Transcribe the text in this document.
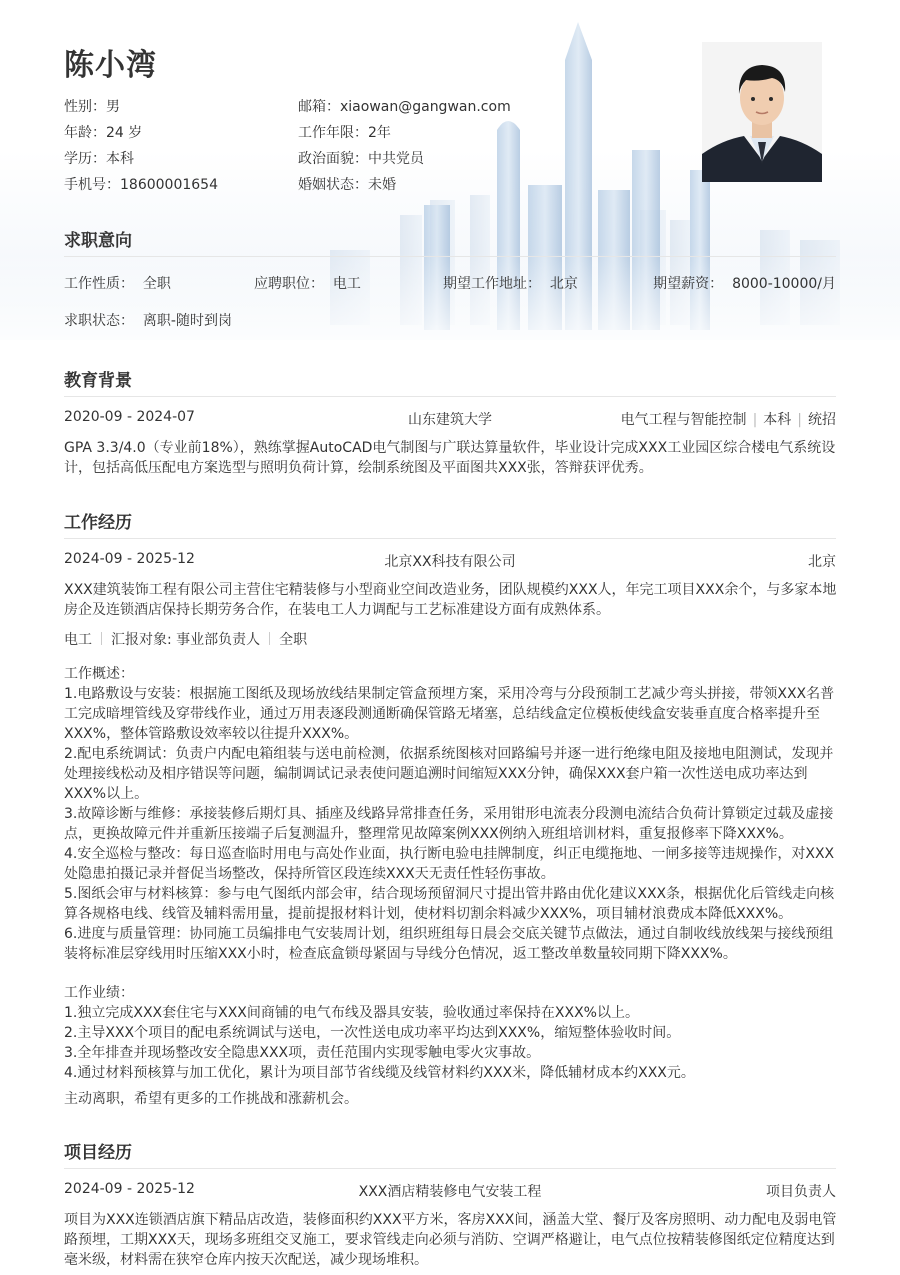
陈小湾
性别：男
年龄：24 岁
学历：本科
手机号：18600001654
邮箱：xiaowan@gangwan.com
工作年限：2年
政治面貌：中共党员
婚姻状态：未婚
求职意向
工作性质： 全职	应聘职位： 电工	期望工作地址： 北京	期望薪资： 8000-10000/月
求职状态： 离职-随时到岗
教育背景
2020-09 - 2024-07	山东建筑大学	电气工程与智能控制 | 本科 | 统招
GPA 3.3/4.0（专业前18%），熟练掌握AutoCAD电气制图与广联达算量软件，毕业设计完成XXX工业园区综合楼电气系统设
计，包括高低压配电方案选型与照明负荷计算，绘制系统图及平面图共XXX张，答辩获评优秀。
工作经历
2024-09 - 2025-12	北京XX科技有限公司	北京
XXX建筑装饰工程有限公司主营住宅精装修与小型商业空间改造业务，团队规模约XXX人，年完工项目XXX余个，与多家本地
房企及连锁酒店保持长期劳务合作，在装电工人力调配与工艺标准建设方面有成熟体系。
电工 汇报对象: 事业部负责人 全职
工作概述：
1.电路敷设与安装：根据施工图纸及现场放线结果制定管盒预埋方案，采用冷弯与分段预制工艺减少弯头拼接，带领XXX名普
工完成暗埋管线及穿带线作业，通过万用表逐段测通断确保管路无堵塞，总结线盒定位模板使线盒安装垂直度合格率提升至
XXX%，整体管路敷设效率较以往提升XXX%。
2.配电系统调试：负责户内配电箱组装与送电前检测，依据系统图核对回路编号并逐一进行绝缘电阻及接地电阻测试，发现并
处理接线松动及相序错误等问题，编制调试记录表使问题追溯时间缩短XXX分钟，确保XXX套户箱一次性送电成功率达到
XXX%以上。
3.故障诊断与维修：承接装修后期灯具、插座及线路异常排查任务，采用钳形电流表分段测电流结合负荷计算锁定过载及虚接
点，更换故障元件并重新压接端子后复测温升，整理常见故障案例XXX例纳入班组培训材料，重复报修率下降XXX%。
4.安全巡检与整改：每日巡查临时用电与高处作业面，执行断电验电挂牌制度，纠正电缆拖地、一闸多接等违规操作，对XXX
处隐患拍摄记录并督促当场整改，保持所管区段连续XXX天无责任性轻伤事故。
5.图纸会审与材料核算：参与电气图纸内部会审，结合现场预留洞尺寸提出管井路由优化建议XXX条，根据优化后管线走向核
算各规格电线、线管及辅料需用量，提前提报材料计划，使材料切割余料减少XXX%，项目辅材浪费成本降低XXX%。
6.进度与质量管理：协同施工员编排电气安装周计划，组织班组每日晨会交底关键节点做法，通过自制收线放线架与接线预组
装将标准层穿线用时压缩XXX小时，检查底盒锁母紧固与导线分色情况，返工整改单数量较同期下降XXX%。
工作业绩：
1.独立完成XXX套住宅与XXX间商铺的电气布线及器具安装，验收通过率保持在XXX%以上。
2.主导XXX个项目的配电系统调试与送电，一次性送电成功率平均达到XXX%，缩短整体验收时间。
3.全年排查并现场整改安全隐患XXX项，责任范围内实现零触电零火灾事故。
4.通过材料预核算与加工优化，累计为项目部节省线缆及线管材料约XXX米，降低辅材成本约XXX元。
主动离职，希望有更多的工作挑战和涨薪机会。
项目经历
2024-09 - 2025-12	XXX酒店精装修电气安装工程	项目负责人
项目为XXX连锁酒店旗下精品店改造，装修面积约XXX平方米，客房XXX间，涵盖大堂、餐厅及客房照明、动力配电及弱电管
路预埋，工期XXX天，现场多班组交叉施工，要求管线走向必须与消防、空调严格避让，电气点位按精装修图纸定位精度达到
毫米级，材料需在狭窄仓库内按天次配送，减少现场堆积。
